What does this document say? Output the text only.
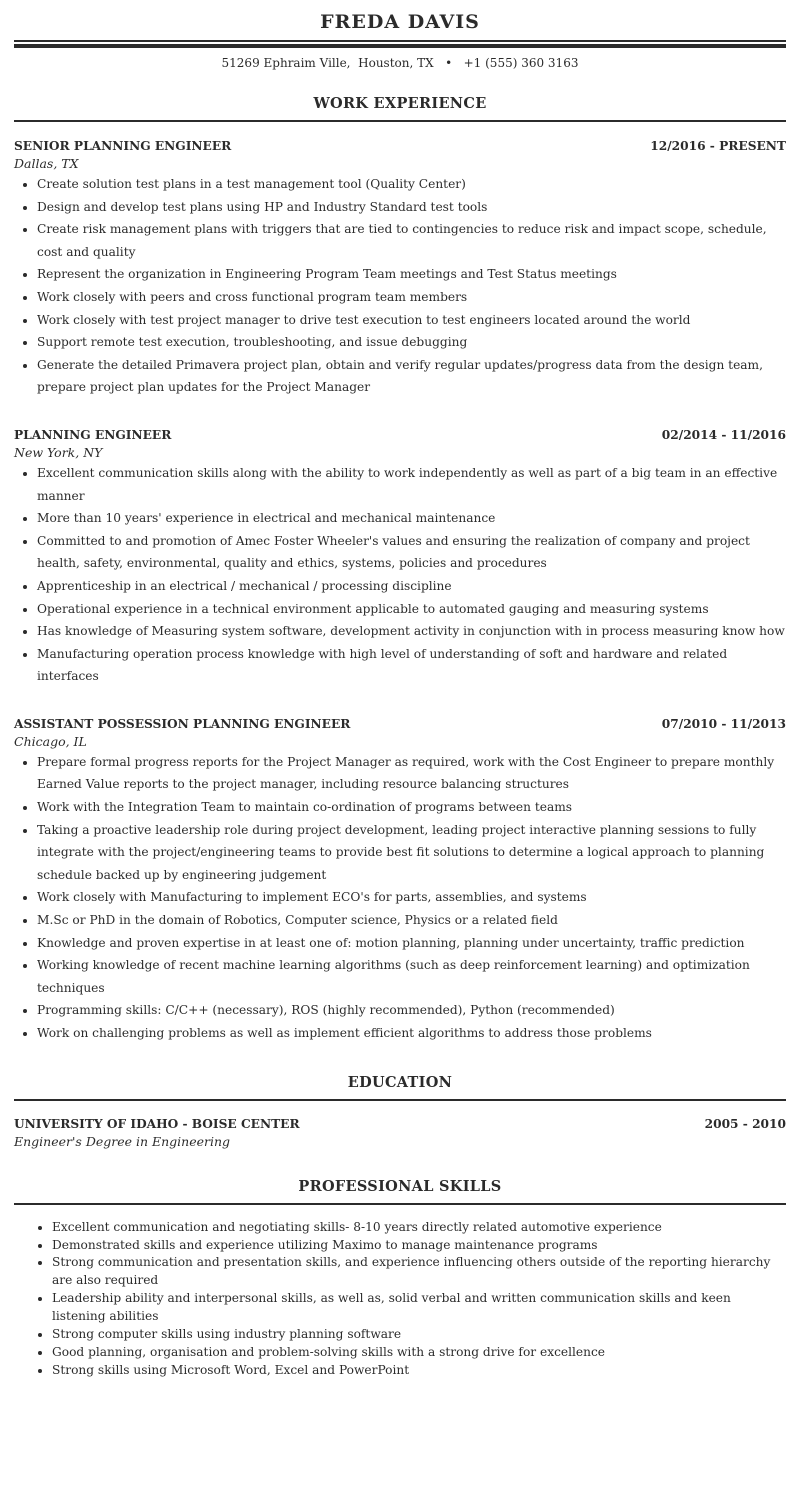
FREDA DAVIS
51269 Ephraim Ville,  Houston, TX   •   +1 (555) 360 3163
WORK EXPERIENCE
SENIOR PLANNING ENGINEER	12/2016 - PRESENT
Dallas, TX
• Create solution test plans in a test management tool (Quality Center)
• Design and develop test plans using HP and Industry Standard test tools
• Create risk management plans with triggers that are tied to contingencies to reduce risk and impact scope, schedule, cost and quality
• Represent the organization in Engineering Program Team meetings and Test Status meetings
• Work closely with peers and cross functional program team members
• Work closely with test project manager to drive test execution to test engineers located around the world
• Support remote test execution, troubleshooting, and issue debugging
• Generate the detailed Primavera project plan, obtain and verify regular updates/progress data from the design team, prepare project plan updates for the Project Manager
PLANNING ENGINEER	02/2014 - 11/2016
New York, NY
• Excellent communication skills along with the ability to work independently as well as part of a big team in an effective manner
• More than 10 years' experience in electrical and mechanical maintenance
• Committed to and promotion of Amec Foster Wheeler's values and ensuring the realization of company and project health, safety, environmental, quality and ethics, systems, policies and procedures
• Apprenticeship in an electrical / mechanical / processing discipline
• Operational experience in a technical environment applicable to automated gauging and measuring systems
• Has knowledge of Measuring system software, development activity in conjunction with in process measuring know how
• Manufacturing operation process knowledge with high level of understanding of soft and hardware and related interfaces
ASSISTANT POSSESSION PLANNING ENGINEER	07/2010 - 11/2013
Chicago, IL
• Prepare formal progress reports for the Project Manager as required, work with the Cost Engineer to prepare monthly Earned Value reports to the project manager, including resource balancing structures
• Work with the Integration Team to maintain co-ordination of programs between teams
• Taking a proactive leadership role during project development, leading project interactive planning sessions to fully integrate with the project/engineering teams to provide best fit solutions to determine a logical approach to planning schedule backed up by engineering judgement
• Work closely with Manufacturing to implement ECO's for parts, assemblies, and systems
• M.Sc or PhD in the domain of Robotics, Computer science, Physics or a related field
• Knowledge and proven expertise in at least one of: motion planning, planning under uncertainty, traffic prediction
• Working knowledge of recent machine learning algorithms (such as deep reinforcement learning) and optimization techniques
• Programming skills: C/C++ (necessary), ROS (highly recommended), Python (recommended)
• Work on challenging problems as well as implement efficient algorithms to address those problems
EDUCATION
UNIVERSITY OF IDAHO - BOISE CENTER	2005 - 2010
Engineer's Degree in Engineering
PROFESSIONAL SKILLS
• Excellent communication and negotiating skills- 8-10 years directly related automotive experience
• Demonstrated skills and experience utilizing Maximo to manage maintenance programs
• Strong communication and presentation skills, and experience influencing others outside of the reporting hierarchy are also required
• Leadership ability and interpersonal skills, as well as, solid verbal and written communication skills and keen listening abilities
• Strong computer skills using industry planning software
• Good planning, organisation and problem-solving skills with a strong drive for excellence
• Strong skills using Microsoft Word, Excel and PowerPoint
